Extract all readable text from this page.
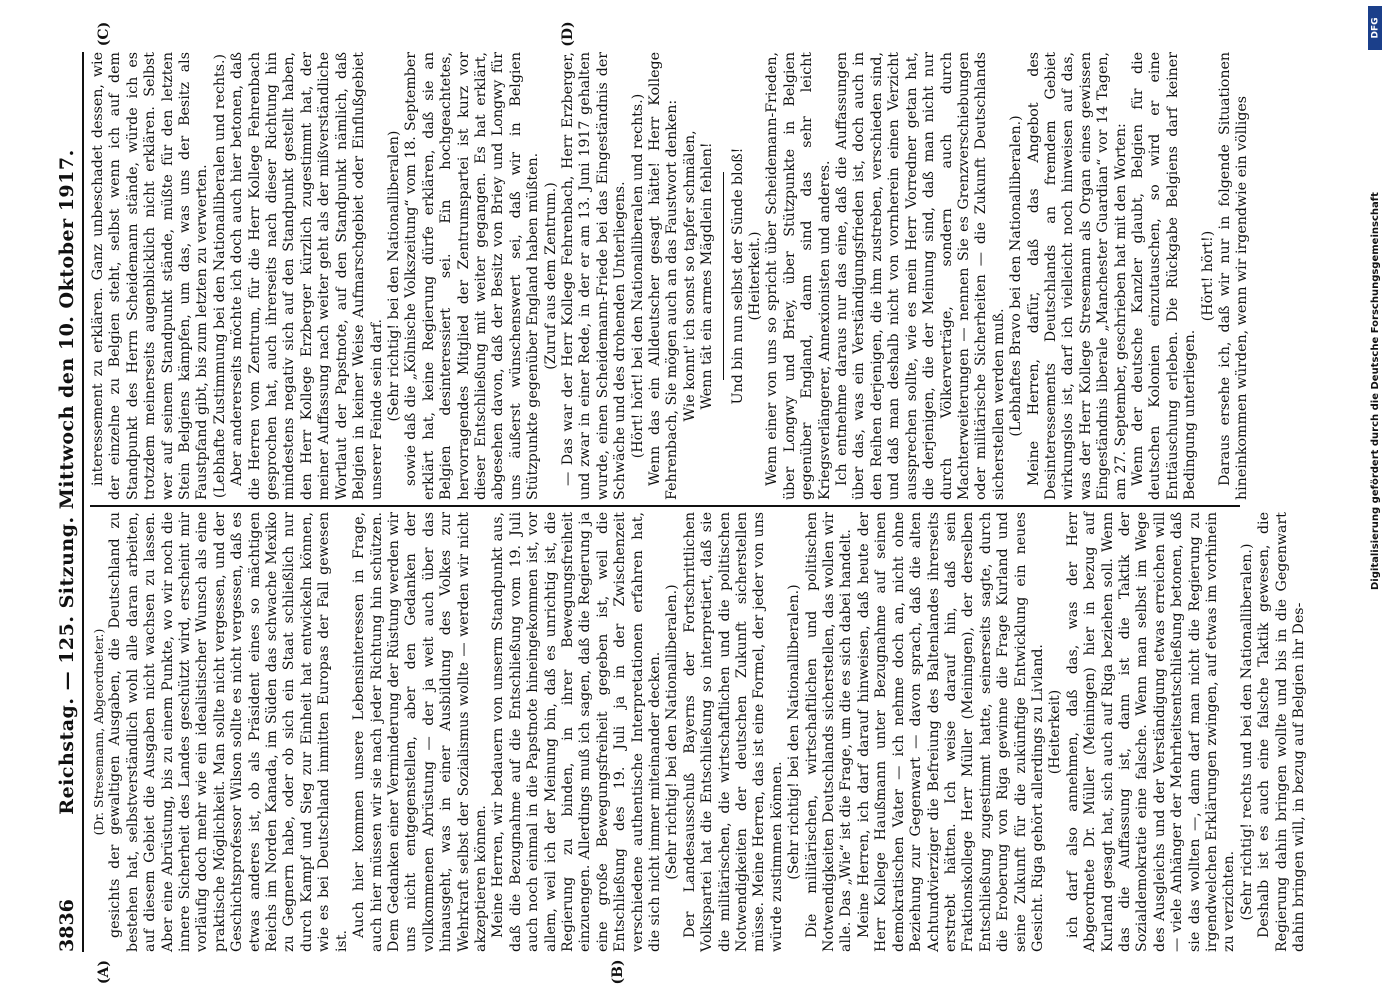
3836
Reichstag. — 125. Sitzung. Mittwoch den 10. Oktober 1917.
(A)	(B)
(C)	(D)

(Dr. Stresemann, Abgeordneter.) gesichts der gewaltigen Ausgaben, die Deutschland zu bestehen hat, selbstverständlich wohl alle daran arbeiten, auf diesem Gebiet die Ausgaben nicht wachsen zu lassen. Aber eine Abrüstung, bis zu einem Punkte, wo wir noch die innere Sicherheit des Landes geschützt wird, erscheint mir vorläufig doch mehr wie ein idealistischer Wunsch als eine praktische Möglichkeit. Man sollte nicht vergessen, und der Geschichtsprofessor Wilson sollte es nicht vergessen, daß es etwas anderes ist, ob als Präsident eines so mächtigen Reichs im Norden Kanada, im Süden das schwache Mexiko zu Gegnern habe, oder ob sich ein Staat schließlich nur durch Kampf und Sieg zur Einheit hat entwickeln können, wie es bei Deutschland inmitten Europas der Fall gewesen ist.

Auch hier kommen unsere Lebensinteressen in Frage, auch hier müssen wir sie nach jeder Richtung hin schützen. Dem Gedanken einer Verminderung der Rüstung werden wir uns nicht entgegenstellen, aber den Gedanken der vollkommenen Abrüstung — der ja weit auch über das hinausgeht, was in einer Ausbildung des Volkes zur Wehrkraft selbst der Sozialismus wollte — werden wir nicht akzeptieren können. Meine Herren, wir bedauern von unserm Standpunkt aus, daß die Bezugnahme auf die Entschließung vom 19. Juli auch noch einmal in die Papstnote hineingekommen ist, vor allem, weil ich der Meinung bin, daß es unrichtig ist, die Regierung zu binden, in ihrer Bewegungsfreiheit einzuengen. Allerdings muß ich sagen, daß die Regierung ja eine große Bewegungsfreiheit gegeben ist, weil die Entschließung des 19. Juli ja in der Zwischenzeit verschiedene authentische Interpretationen erfahren hat, die sich nicht immer miteinander decken. (Sehr richtig! bei den Nationalliberalen.) Der Landesausschuß Bayerns der Fortschrittlichen Volkspartei hat die Entschließung so interpretiert, daß sie die militärischen, die wirtschaftlichen und die politischen Notwendigkeiten der deutschen Zukunft sicherstellen müsse. Meine Herren, das ist eine Formel, der jeder von uns würde zustimmen können. (Sehr richtig! bei den Nationalliberalen.) Die militärischen, wirtschaftlichen und politischen Notwendigkeiten Deutschlands sicherstellen, das wollen wir alle. Das „Wie“ ist die Frage, um die es sich dabei handelt. Meine Herren, ich darf darauf hinweisen, daß heute der Herr Kollege Haußmann unter Bezugnahme auf seinen demokratischen Vater — ich nehme doch an, nicht ohne Beziehung zur Gegenwart — davon sprach, daß die alten Achtundvierziger die Befreiung des Baltenlandes ihrerseits erstrebt hätten. Ich weise darauf hin, daß sein Fraktionskollege Herr Müller (Meiningen), der derselben Entschließung zugestimmt hatte, seinerseits sagte, durch die Eroberung von Riga gewinne die Frage Kurland und seine Zukunft für die zukünftige Entwicklung ein neues Gesicht. Riga gehört allerdings zu Livland. (Heiterkeit) ich darf also annehmen, daß das, was der Herr Abgeordnete Dr. Müller (Meiningen) hier in bezug auf Kurland gesagt hat, sich auch auf Riga beziehen soll. Wenn das die Auffassung ist, dann ist die Taktik der Sozialdemokratie eine falsche. Wenn man selbst im Wege des Ausgleichs und der Verständigung etwas erreichen will — viele Anhänger der Mehrheitsentschließung betonen, daß sie das wollten —, dann darf man nicht die Regierung zu irgendwelchen Erklärungen zwingen, auf etwas im vorhinein zu verzichten. (Sehr richtig! rechts und bei den Nationalliberalen.) Deshalb ist es auch eine falsche Taktik gewesen, die Regierung dahin bringen wollte und bis in die Gegenwart dahin bringen will, in bezug auf Belgien ihr Des-

interessement zu erklären. Ganz unbeschadet dessen, wie der einzelne zu Belgien steht, selbst wenn ich auf dem Standpunkt des Herrn Scheidemann stände, würde ich es trotzdem meinerseits augenblicklich nicht erklären. Selbst wer auf seinem Standpunkt stände, müßte für den letzten Stein Belgiens kämpfen, um das, was uns der Besitz als Faustpfand gibt, bis zum letzten zu verwerten. (Lebhafte Zustimmung bei den Nationalliberalen und rechts.) Aber andererseits möchte ich doch auch hier betonen, daß die Herren vom Zentrum, für die Herr Kollege Fehrenbach gesprochen hat, auch ihrerseits nach dieser Richtung hin mindestens negativ sich auf den Standpunkt gestellt haben, den Herr Kollege Erzberger kürzlich zugestimmt hat, der meiner Auffassung nach weiter geht als der mißverständliche Wortlaut der Papstnote, auf den Standpunkt nämlich, daß Belgien in keiner Weise Aufmarschgebiet oder Einflußgebiet unserer Feinde sein darf. (Sehr richtig! bei den Nationalliberalen) sowie daß die „Kölnische Volkszeitung“ vom 18. September erklärt hat, keine Regierung dürfe erklären, daß sie an Belgien desinteressiert sei. Ein hochgeachtetes, hervorragendes Mitglied der Zentrumspartei ist kurz vor dieser Entschließung mit weiter gegangen. Es hat erklärt, abgesehen davon, daß der Besitz von Briey und Longwy für uns äußerst wünschenswert sei, daß wir in Belgien Stützpunkte gegenüber England haben müßten. (Zuruf aus dem Zentrum.) — Das war der Herr Kollege Fehrenbach, Herr Erzberger, und zwar in einer Rede, in der er am 13. Juni 1917 gehalten wurde, einen Scheidemann-Friede bei das Eingeständnis der Schwäche und des drohenden Unterliegens. (Hört! hört! bei den Nationalliberalen und rechts.) Wenn das ein Alldeutscher gesagt hätte! Herr Kollege Fehrenbach, Sie mögen auch an das Faustwort denken: Wie konnt' ich sonst so tapfer schmälen, Wenn tät ein armes Mägdlein fehlen! Und bin nun selbst der Sünde bloß! (Heiterkeit.) Wenn einer von uns so spricht über Scheidemann-Frieden, über Longwy und Briey, über Stützpunkte in Belgien gegenüber England, dann sind das sehr leicht Kriegsverlängerer, Annexionisten und anderes. Ich entnehme daraus nur das eine, daß die Auffassungen über das, was ein Verständigungsfrieden ist, doch auch in den Reihen derjenigen, die ihm zustreben, verschieden sind, und daß man deshalb nicht von vornherein einen Verzicht aussprechen sollte, wie es mein Herr Vorredner getan hat, die derjenigen, die der Meinung sind, daß man nicht nur durch Völkerverträge, sondern auch durch Machterweiterungen — nennen Sie es Grenzverschiebungen oder militärische Sicherheiten — die Zukunft Deutschlands sicherstellen werden muß. (Lebhaftes Bravo bei den Nationalliberalen.) Meine Herren, dafür, daß das Angebot des Desinteressements Deutschlands an fremdem Gebiet wirkungslos ist, darf ich vielleicht noch hinweisen auf das, was der Herr Kollege Stresemann als Organ eines gewissen Eingeständnis liberale „Manchester Guardian“ vor 14 Tagen, am 27. September, geschrieben hat mit den Worten: Wenn der deutsche Kanzler glaubt, Belgien für die deutschen Kolonien einzutauschen, so wird er eine Enttäuschung erleben. Die Rückgabe Belgiens darf keiner Bedingung unterliegen.

(Hört! hört!) Daraus ersehe ich, daß wir nur in folgende Situationen hineinkommen würden, wenn wir irgendwie ein völliges

DFG
Digitalisierung gefördert durch die Deutsche Forschungsgemeinschaft
